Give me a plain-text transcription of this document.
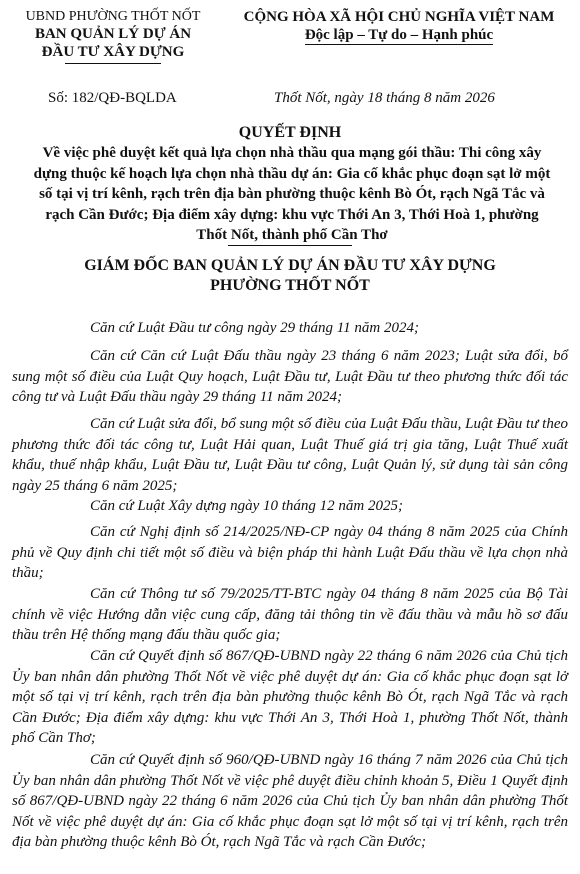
UBND PHƯỜNG THỐT NỐT
BAN QUẢN LÝ DỰ ÁN
ĐẦU TƯ XÂY DỰNG
CỘNG HÒA XÃ HỘI CHỦ NGHĨA VIỆT NAM
Độc lập – Tự do – Hạnh phúc
Số: 182/QĐ-BQLDA	Thốt Nốt, ngày 18 tháng 8 năm 2026
QUYẾT ĐỊNH
Về việc phê duyệt kết quả lựa chọn nhà thầu qua mạng gói thầu: Thi công xây dựng thuộc kế hoạch lựa chọn nhà thầu dự án: Gia cố khắc phục đoạn sạt lở một số tại vị trí kênh, rạch trên địa bàn phường thuộc kênh Bò Ót, rạch Ngã Tắc và rạch Cần Đước; Địa điểm xây dựng: khu vực Thới An 3, Thới Hoà 1, phường Thốt Nốt, thành phố Cần Thơ
GIÁM ĐỐC BAN QUẢN LÝ DỰ ÁN ĐẦU TƯ XÂY DỰNG
PHƯỜNG THỐT NỐT
Căn cứ Luật Đầu tư công ngày 29 tháng 11 năm 2024;
Căn cứ Căn cứ Luật Đấu thầu ngày 23 tháng 6 năm 2023; Luật sửa đổi, bổ sung một số điều của Luật Quy hoạch, Luật Đầu tư, Luật Đầu tư theo phương thức đối tác công tư và Luật Đấu thầu ngày 29 tháng 11 năm 2024;
Căn cứ Luật sửa đổi, bổ sung một số điều của Luật Đấu thầu, Luật Đầu tư theo phương thức đối tác công tư, Luật Hải quan, Luật Thuế giá trị gia tăng, Luật Thuế xuất khẩu, thuế nhập khẩu, Luật Đầu tư, Luật Đầu tư công, Luật Quản lý, sử dụng tài sản công ngày 25 tháng 6 năm 2025;
Căn cứ Luật Xây dựng ngày 10 tháng 12 năm 2025;
Căn cứ Nghị định số 214/2025/NĐ-CP ngày 04 tháng 8 năm 2025 của Chính phủ về Quy định chi tiết một số điều và biện pháp thi hành Luật Đấu thầu về lựa chọn nhà thầu;
Căn cứ Thông tư số 79/2025/TT-BTC ngày 04 tháng 8 năm 2025 của Bộ Tài chính về việc Hướng dẫn việc cung cấp, đăng tải thông tin về đấu thầu và mẫu hồ sơ đấu thầu trên Hệ thống mạng đấu thầu quốc gia;
Căn cứ Quyết định số 867/QĐ-UBND ngày 22 tháng 6 năm 2026 của Chủ tịch Ủy ban nhân dân phường Thốt Nốt về việc phê duyệt dự án: Gia cố khắc phục đoạn sạt lở một số tại vị trí kênh, rạch trên địa bàn phường thuộc kênh Bò Ót, rạch Ngã Tắc và rạch Cần Đước; Địa điểm xây dựng: khu vực Thới An 3, Thới Hoà 1, phường Thốt Nốt, thành phố Cần Thơ;
Căn cứ Quyết định số 960/QĐ-UBND ngày 16 tháng 7 năm 2026 của Chủ tịch Ủy ban nhân dân phường Thốt Nốt về việc phê duyệt điều chỉnh khoản 5, Điều 1 Quyết định số 867/QĐ-UBND ngày 22 tháng 6 năm 2026 của Chủ tịch Ủy ban nhân dân phường Thốt Nốt về việc phê duyệt dự án: Gia cố khắc phục đoạn sạt lở một số tại vị trí kênh, rạch trên địa bàn phường thuộc kênh Bò Ót, rạch Ngã Tắc và rạch Cần Đước;
